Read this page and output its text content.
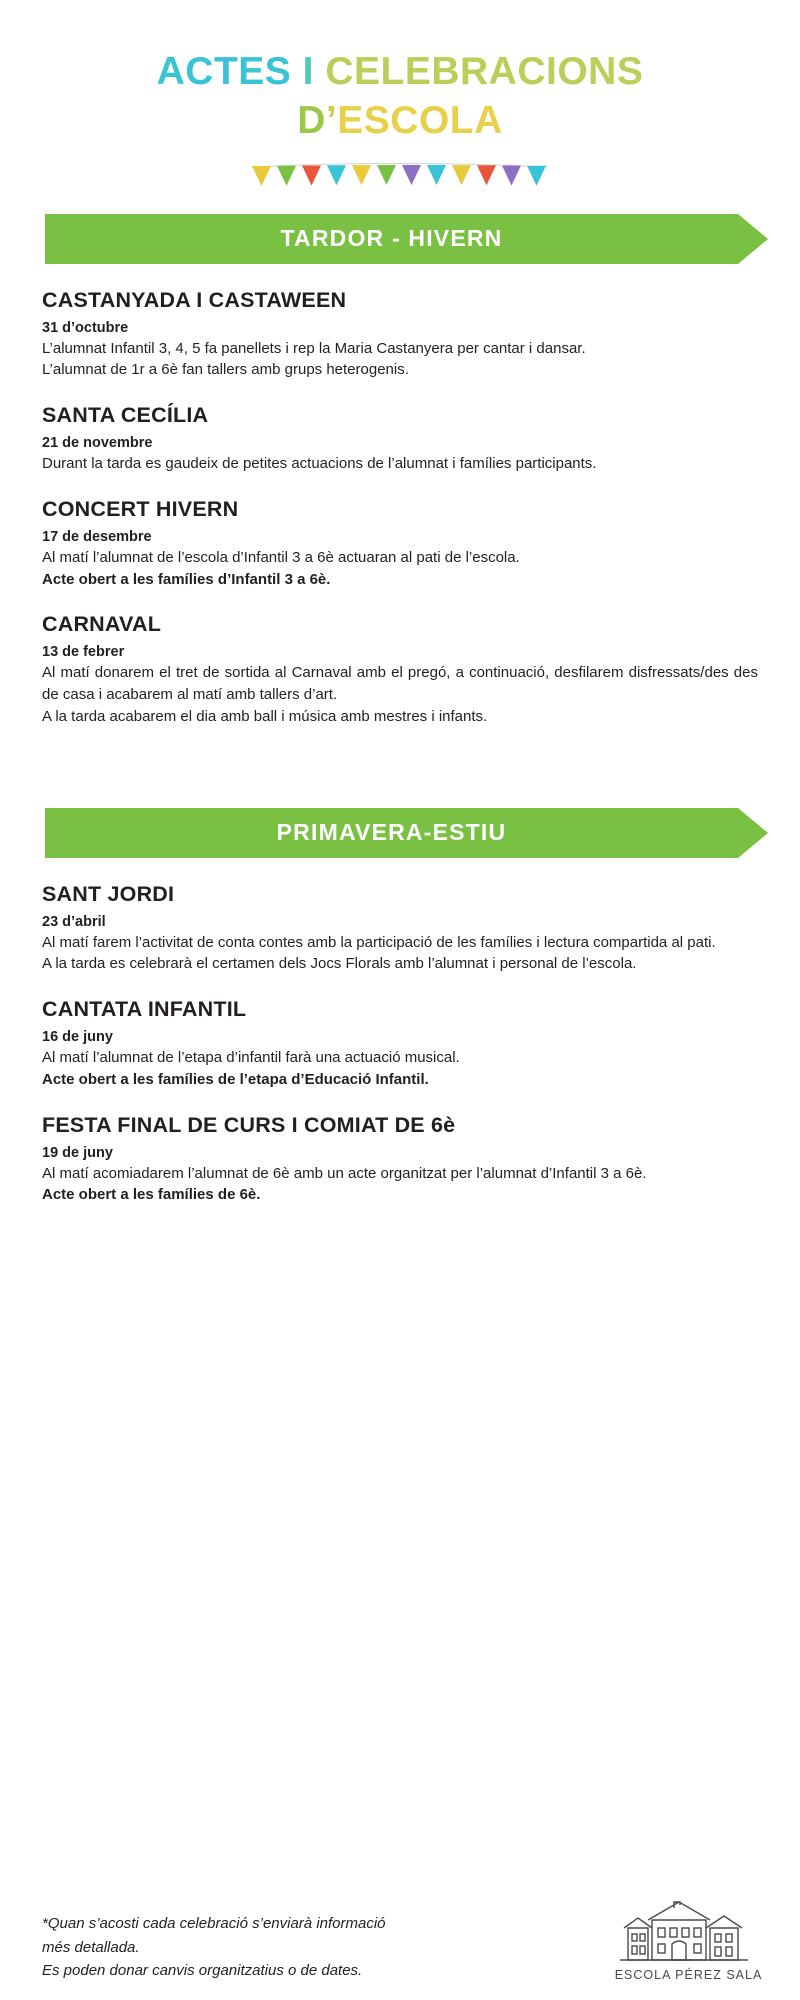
ACTES I CELEBRACIONS
D’ESCOLA
TARDOR - HIVERN
CASTANYADA I CASTAWEEN
31 d’octubre

L’alumnat Infantil 3, 4, 5 fa panellets i rep la Maria Castanyera per cantar i dansar.

L’alumnat de 1r a 6è fan tallers amb grups heterogenis.

SANTA CECÍLIA
21 de novembre

Durant la tarda es gaudeix de petites actuacions de l’alumnat i famílies participants.

CONCERT HIVERN
17 de desembre

Al matí l’alumnat de l’escola d’Infantil 3 a 6è actuaran al pati de l’escola.

Acte obert a les famílies d’Infantil 3 a 6è.

CARNAVAL
13 de febrer

Al matí donarem el tret de sortida al Carnaval amb el pregó, a continuació, desfilarem disfressats/des des de casa i acabarem al matí amb tallers d’art.

A la tarda acabarem el dia amb ball i música amb mestres i infants.

PRIMAVERA-ESTIU
SANT JORDI
23 d’abril

Al matí farem l’activitat de conta contes amb la participació de les famílies i lectura compartida al pati.

A la tarda es celebrarà el certamen dels Jocs Florals amb l’alumnat i personal de l’escola.

CANTATA INFANTIL
16 de juny

Al matí l’alumnat de l’etapa d’infantil farà una actuació musical.

Acte obert a les famílies de l’etapa d’Educació Infantil.

FESTA FINAL DE CURS I COMIAT DE 6è
19 de juny

Al matí acomiadarem l’alumnat de 6è amb un acte organitzat per l’alumnat d’Infantil 3 a 6è.

Acte obert a les famílies de 6è.

*Quan s’acosti cada celebració s’enviarà informació
més detallada.
Es poden donar canvis organitzatius o de dates.	ESCOLA PÉREZ SALA
